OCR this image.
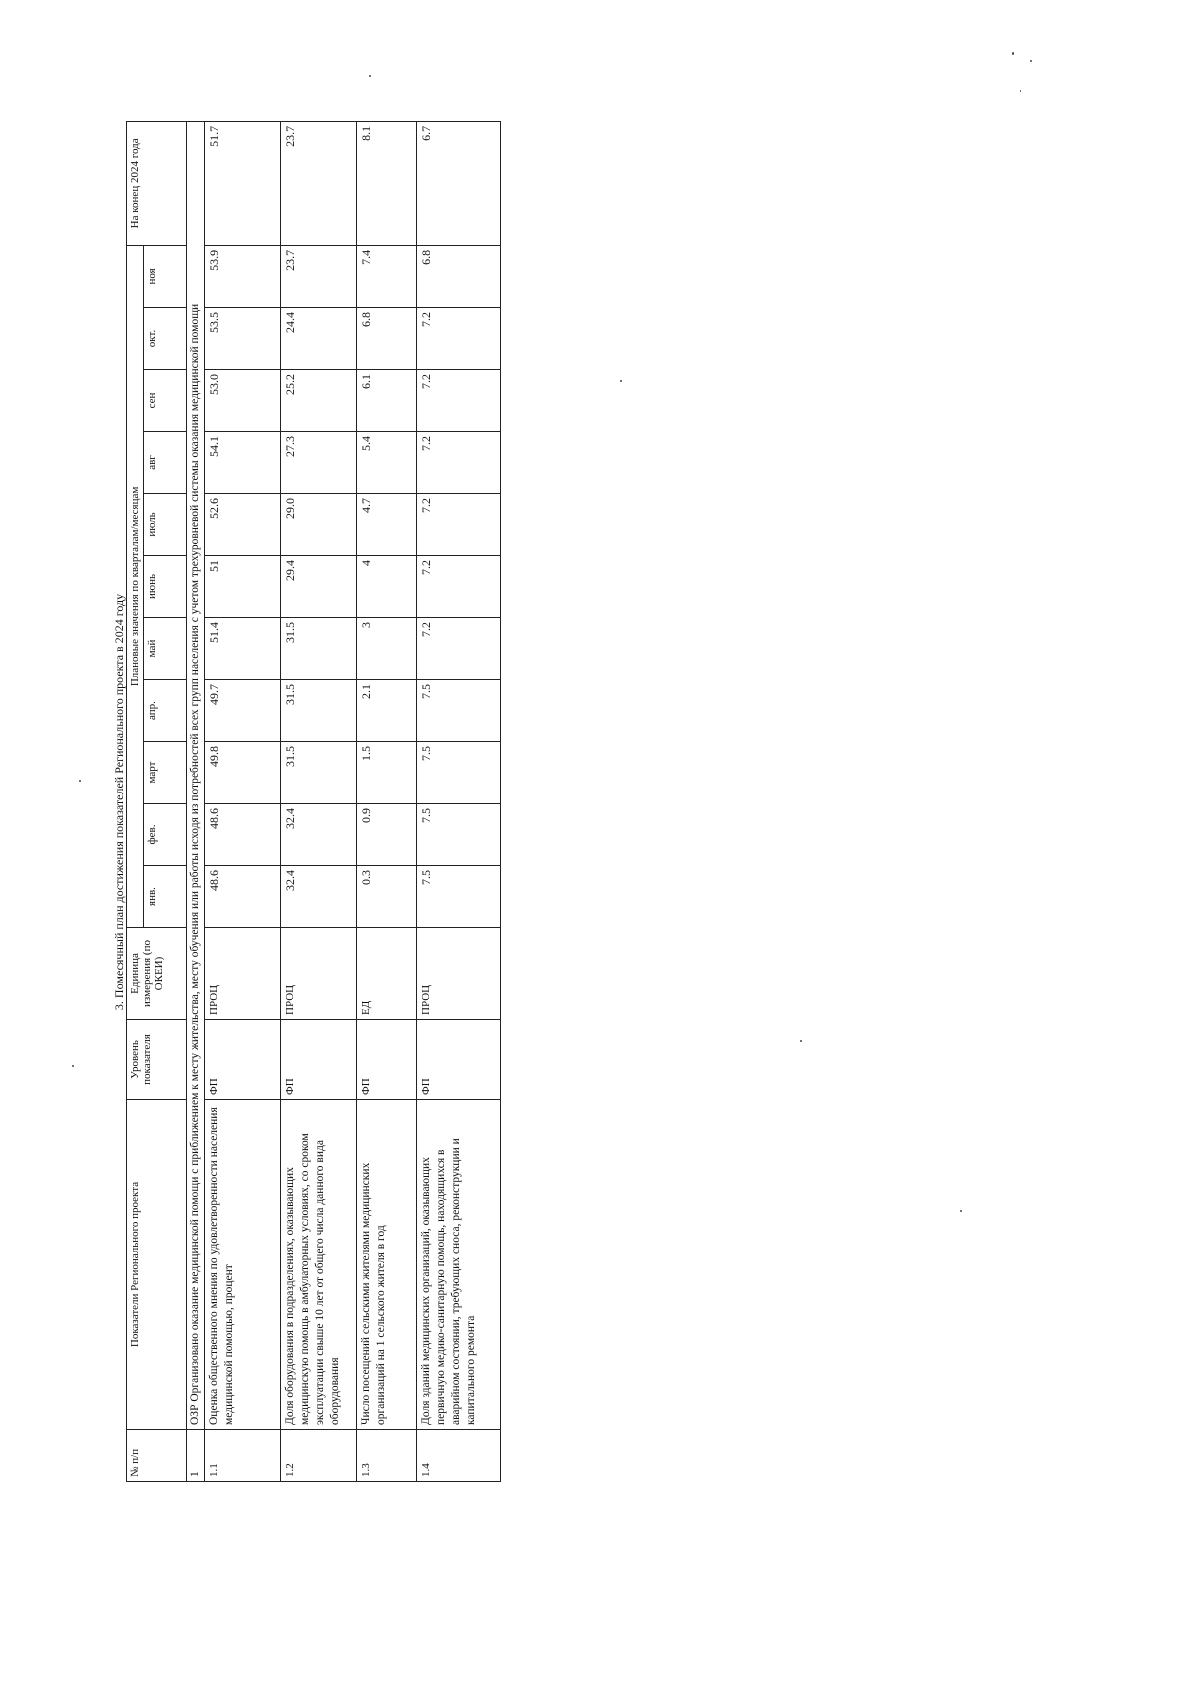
3. Помесячный план достижения показателей Регионального проекта в 2024 году
№ п/п	Показатели Регионального проекта	Уровень показателя	Единица измерения (по ОКЕИ)	Плановые значения по кварталам/месяцам											На конец 2024 года
				янв.	фев.	март	апр.	май	июнь	июль	авг	сен	окт.	ноя	
1	ОЗР Организовано оказание медицинской помощи с приближением к месту жительства, месту обучения или работы исходя из потребностей всех групп населения с учетом трехуровневой системы оказания медицинской помощи														
1.1	Оценка общественного мнения по удовлетворенности населения медицинской помощью, процент	ФП	ПРОЦ	48.6	48.6	49.8	49.7	51.4	51	52.6	54.1	53.0	53.5	53.9	51.7
1.2	Доля оборудования в подразделениях, оказывающих медицинскую помощь в амбулаторных условиях, со сроком эксплуатации свыше 10 лет от общего числа данного вида оборудования	ФП	ПРОЦ	32.4	32.4	31.5	31.5	31.5	29.4	29.0	27.3	25.2	24.4	23.7	23.7
1.3	Число посещений сельскими жителями медицинских организаций на 1 сельского жителя в год	ФП	ЕД	0.3	0.9	1.5	2.1	3	4	4.7	5.4	6.1	6.8	7.4	8.1
1.4	Доля зданий медицинских организаций, оказывающих первичную медико-санитарную помощь, находящихся в аварийном состоянии, требующих сноса, реконструкции и капитального ремонта	ФП	ПРОЦ	7.5	7.5	7.5	7.5	7.2	7.2	7.2	7.2	7.2	7.2	6.8	6.7
